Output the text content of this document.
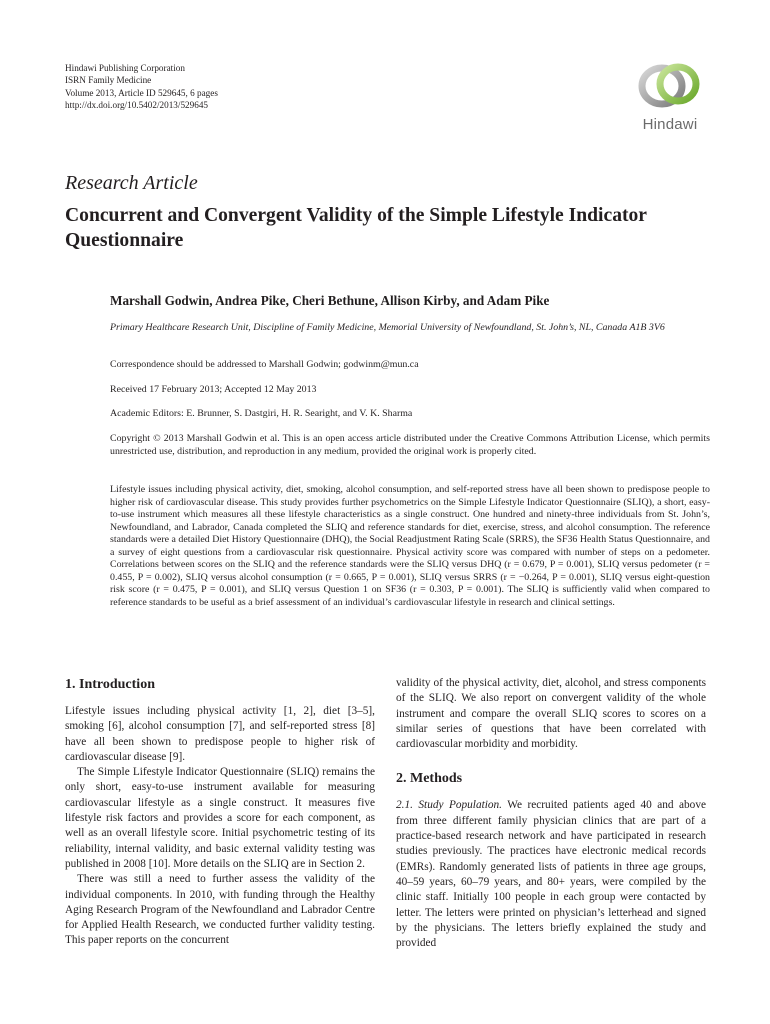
Hindawi Publishing Corporation
ISRN Family Medicine
Volume 2013, Article ID 529645, 6 pages
http://dx.doi.org/10.5402/2013/529645
Hindawi
Research Article
Concurrent and Convergent Validity of the Simple Lifestyle Indicator Questionnaire
Marshall Godwin, Andrea Pike, Cheri Bethune, Allison Kirby, and Adam Pike
Primary Healthcare Research Unit, Discipline of Family Medicine, Memorial University of Newfoundland, St. John’s, NL, Canada A1B 3V6
Correspondence should be addressed to Marshall Godwin; godwinm@mun.ca
Received 17 February 2013; Accepted 12 May 2013
Academic Editors: E. Brunner, S. Dastgiri, H. R. Searight, and V. K. Sharma
Copyright © 2013 Marshall Godwin et al. This is an open access article distributed under the Creative Commons Attribution License, which permits unrestricted use, distribution, and reproduction in any medium, provided the original work is properly cited.
Lifestyle issues including physical activity, diet, smoking, alcohol consumption, and self-reported stress have all been shown to predispose people to higher risk of cardiovascular disease. This study provides further psychometrics on the Simple Lifestyle Indicator Questionnaire (SLIQ), a short, easy-to-use instrument which measures all these lifestyle characteristics as a single construct. One hundred and ninety-three individuals from St. John’s, Newfoundland, and Labrador, Canada completed the SLIQ and reference standards for diet, exercise, stress, and alcohol consumption. The reference standards were a detailed Diet History Questionnaire (DHQ), the Social Readjustment Rating Scale (SRRS), the SF36 Health Status Questionnaire, and a survey of eight questions from a cardiovascular risk questionnaire. Physical activity score was compared with number of steps on a pedometer. Correlations between scores on the SLIQ and the reference standards were the SLIQ versus DHQ (r = 0.679, P = 0.001), SLIQ versus pedometer (r = 0.455, P = 0.002), SLIQ versus alcohol consumption (r = 0.665, P = 0.001), SLIQ versus SRRS (r = −0.264, P = 0.001), SLIQ versus eight-question risk score (r = 0.475, P = 0.001), and SLIQ versus Question 1 on SF36 (r = 0.303, P = 0.001). The SLIQ is sufficiently valid when compared to reference standards to be useful as a brief assessment of an individual’s cardiovascular lifestyle in research and clinical settings.
1. Introduction

Lifestyle issues including physical activity [1, 2], diet [3–5], smoking [6], alcohol consumption [7], and self-reported stress [8] have all been shown to predispose people to higher risk of cardiovascular disease [9].

The Simple Lifestyle Indicator Questionnaire (SLIQ) remains the only short, easy-to-use instrument available for measuring cardiovascular lifestyle as a single construct. It measures five lifestyle risk factors and provides a score for each component, as well as an overall lifestyle score. Initial psychometric testing of its reliability, internal validity, and basic external validity testing was published in 2008 [10]. More details on the SLIQ are in Section 2.

There was still a need to further assess the validity of the individual components. In 2010, with funding through the Healthy Aging Research Program of the Newfoundland and Labrador Centre for Applied Health Research, we conducted further validity testing. This paper reports on the concurrent

validity of the physical activity, diet, alcohol, and stress components of the SLIQ. We also report on convergent validity of the whole instrument and compare the overall SLIQ scores to scores on a similar series of questions that have been correlated with cardiovascular morbidity and morbidity.

2. Methods

2.1. Study Population. We recruited patients aged 40 and above from three different family physician clinics that are part of a practice-based research network and have participated in research studies previously. The practices have electronic medical records (EMRs). Randomly generated lists of patients in three age groups, 40–59 years, 60–79 years, and 80+ years, were compiled by the clinic staff. Initially 100 people in each group were contacted by letter. The letters were printed on physician’s letterhead and signed by the physicians. The letters briefly explained the study and provided
